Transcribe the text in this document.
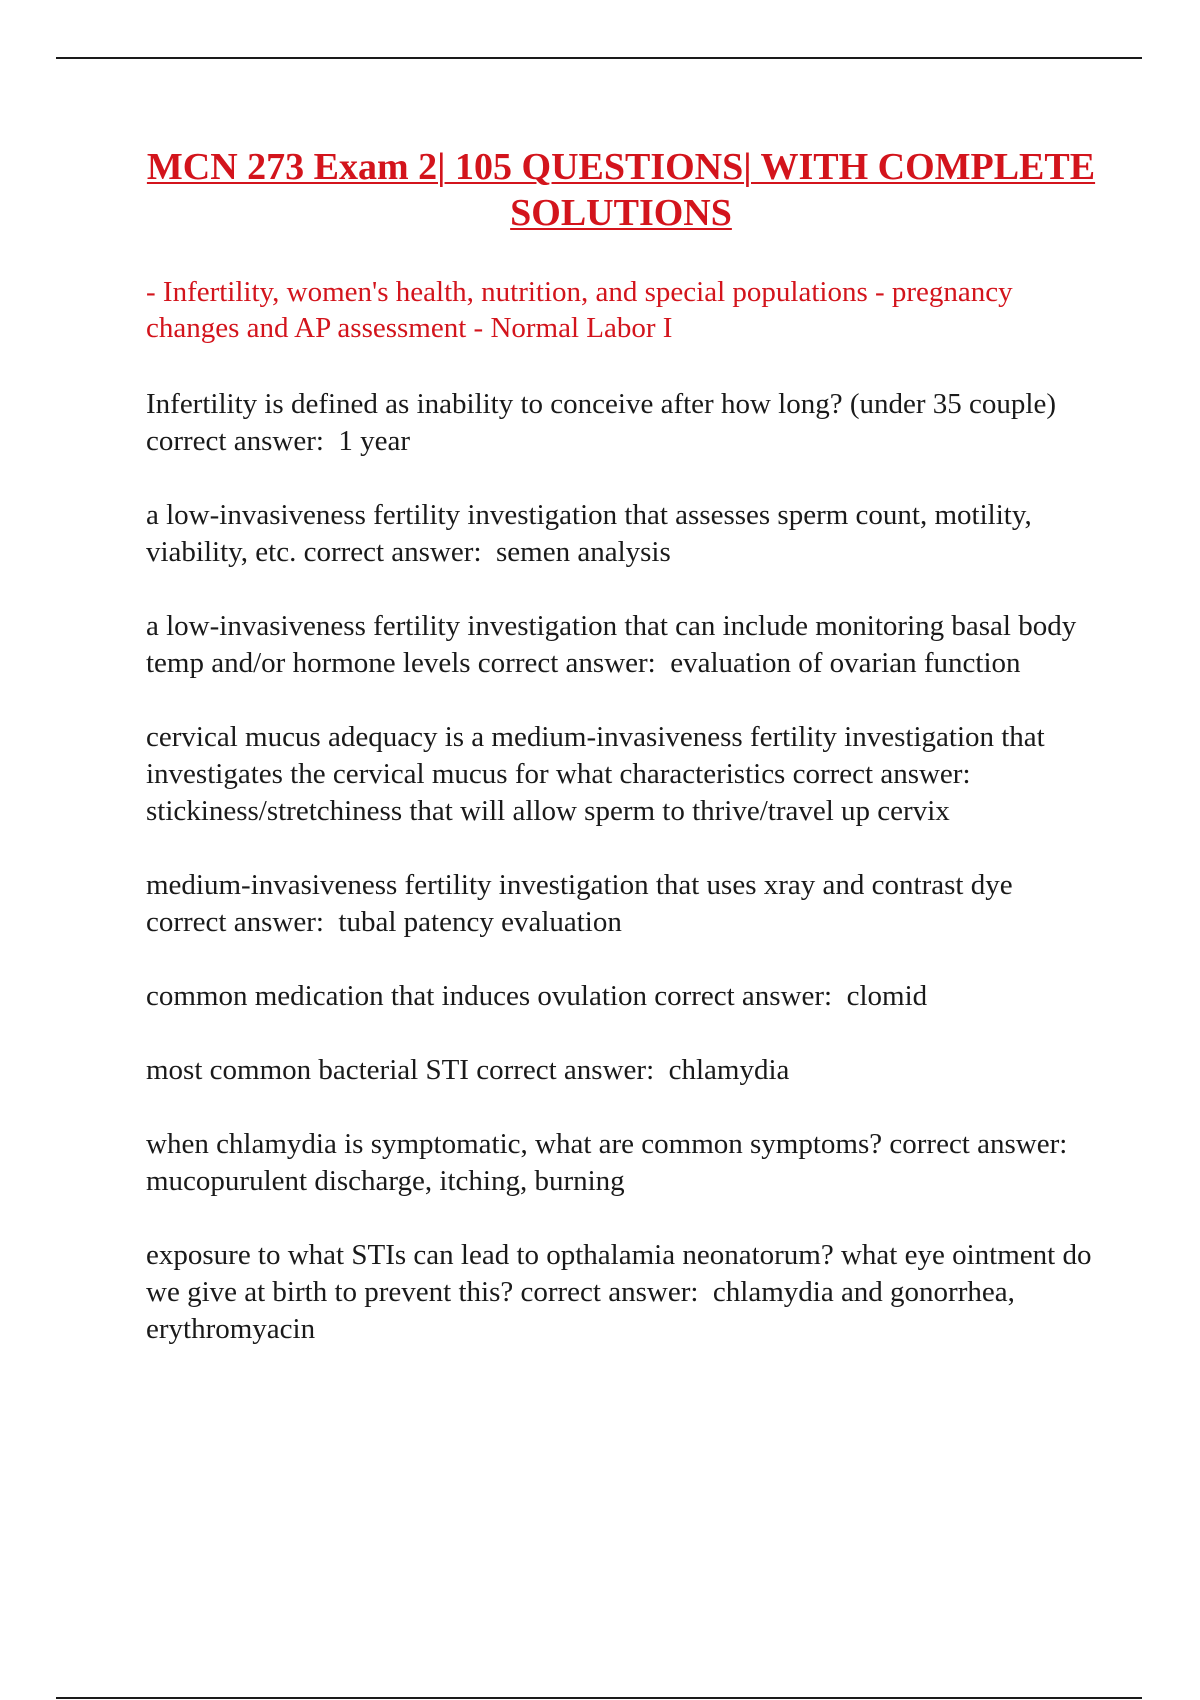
MCN 273 Exam 2| 105 QUESTIONS| WITH COMPLETE SOLUTIONS

- Infertility, women's health, nutrition, and special populations - pregnancy changes and AP assessment - Normal Labor I

Infertility is defined as inability to conceive after how long? (under 35 couple) correct answer:  1 year
a low-invasiveness fertility investigation that assesses sperm count, motility, viability, etc. correct answer:  semen analysis
a low-invasiveness fertility investigation that can include monitoring basal body temp and/or hormone levels correct answer:  evaluation of ovarian function
cervical mucus adequacy is a medium-invasiveness fertility investigation that investigates the cervical mucus for what characteristics correct answer:  stickiness/stretchiness that will allow sperm to thrive/travel up cervix
medium-invasiveness fertility investigation that uses xray and contrast dye correct answer:  tubal patency evaluation
common medication that induces ovulation correct answer:  clomid
most common bacterial STI correct answer:  chlamydia
when chlamydia is symptomatic, what are common symptoms? correct answer:  mucopurulent discharge, itching, burning
exposure to what STIs can lead to opthalamia neonatorum? what eye ointment do we give at birth to prevent this? correct answer:  chlamydia and gonorrhea, erythromyacin
